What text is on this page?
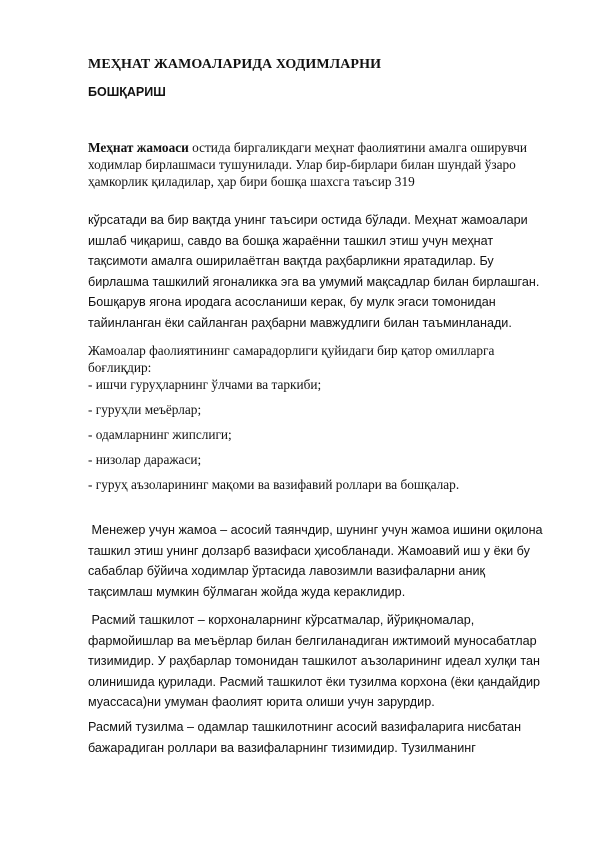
МЕҲНАТ ЖАМОАЛАРИДА ХОДИМЛАРНИ
БОШҚАРИШ
Меҳнат жамоаси остида биргаликдаги меҳнат фаолиятини амалга оширувчи
ходимлар бирлашмаси тушунилади. Улар бир-бирлари билан шундай ўзаро
ҳамкорлик қиладилар, ҳар бири бошқа шахсга таъсир 319
кўрсатади ва бир вақтда унинг таъсири остида бўлади. Меҳнат жамоалари
ишлаб чиқариш, савдо ва бошқа жараённи ташкил этиш учун меҳнат
тақсимоти амалга оширилаётган вақтда раҳбарликни яратадилар. Бу
бирлашма ташкилий ягоналикка эга ва умумий мақсадлар билан бирлашган.
Бошқарув ягона иродага асосланиши керак, бу мулк эгаси томонидан
тайинланган ёки сайланган раҳбарни мавжудлиги билан таъминланади.
Жамоалар фаолиятининг самарадорлиги қуйидаги бир қатор омилларга
боғлиқдир:
- ишчи гуруҳларнинг ўлчами ва таркиби;
- гуруҳли меъёрлар;
- одамларнинг жипслиги;
- низолар даражаси;
- гуруҳ аъзоларининг мақоми ва вазифавий роллари ва бошқалар.
Менежер учун жамоа – асосий таянчдир, шунинг учун жамоа ишини оқилона
ташкил этиш унинг долзарб вазифаси ҳисобланади. Жамоавий иш у ёки бу
сабаблар бўйича ходимлар ўртасида лавозимли вазифаларни аниқ
тақсимлаш мумкин бўлмаган жойда жуда кераклидир.
Расмий ташкилот – корхоналарнинг кўрсатмалар, йўриқномалар,
фармойишлар ва меъёрлар билан белгиланадиган ижтимоий муносабатлар
тизимидир. У раҳбарлар томонидан ташкилот аъзоларининг идеал хулқи тан
олинишида қурилади. Расмий ташкилот ёки тузилма корхона (ёки қандайдир
муассаса)ни умуман фаолият юрита олиши учун зарурдир.
Расмий тузилма – одамлар ташкилотнинг асосий вазифаларига нисбатан
бажарадиган роллари ва вазифаларнинг тизимидир. Тузилманинг
